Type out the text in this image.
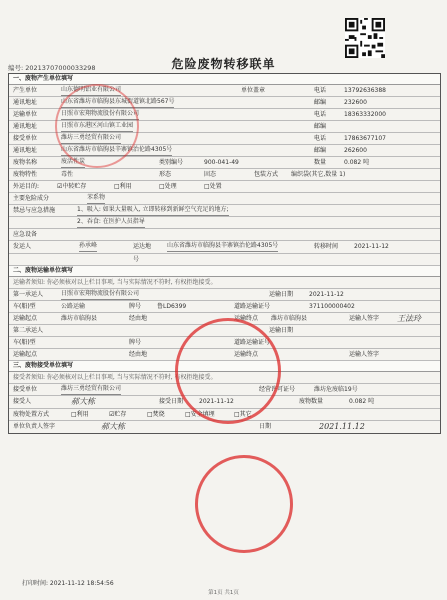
编号: 20213707000033298	危险废物转移联单
一、废物产生单位填写
产生单位	山东德明铝业有限公司	单位盖章	电话	13792636388
通讯地址	山东省潍坊市临朐县东城街道镇北路567号	邮编	232600
运输单位	日照市宏翔物流股份有限公司	电话	18363332000
通讯地址	日照市东港区河山镇工业园	邮编
接受单位	潍坊三勇经贸有限公司	电话	17863677107
通讯地址	山东省潍坊市临朐县辛寨镇治伦路4305号	邮编	262600
废物名称	废活性炭	类别编号	900-041-49	数量	0.082 吨
废物特性	毒性	形态	固态	包装方式 编织袋(其它,数量 1)
外运目的:	☑中转贮存	□利用	□处理	□处置
主要危险成分	苯系物
禁忌与应急措施	1、吸入: 如果大量吸入, 立即转移到新鲜空气充足的地方;
2、吞食: 在医护人员指导
应急设备
发运人	孙承峰	运达地	山东省潍坊市临朐县辛寨镇治伦路4305号	转移时间	2021-11-12
号
二、废物运输单位填写
运输者须知: 你必须核对以上栏目事项, 当与实际情况不符时, 有权拒绝接受。
第一承运人	日照市宏翔物流股份有限公司	运输日期	2021-11-12
车(船)型	公路运输	牌号	鲁LD6399	道路运输证号	371100000402
运输起点	潍坊市临朐县	经由地	运输终点 潍坊市临朐县	运输人签字 王法玲
第二承运人	运输日期
车(船)型	牌号	道路运输证号
运输起点	经由地	运输终点	运输人签字
三、废物接受单位填写
接受者须知: 你必须核对以上栏目事项, 当与实际情况不符时, 有权拒绝接受。
接受单位	潍坊三勇经贸有限公司	经营许可证号	潍坊危废临19号
接受人	郝大栋	接受日期	2021-11-12	废物数量	0.082 吨
废物处置方式	□利用	☑贮存	□焚烧	□安全填埋	□其它
单位负责人签字	郝大栋	日期	2021.11.12
打印时间: 2021-11-12 18:54:56
第1页 共1页
